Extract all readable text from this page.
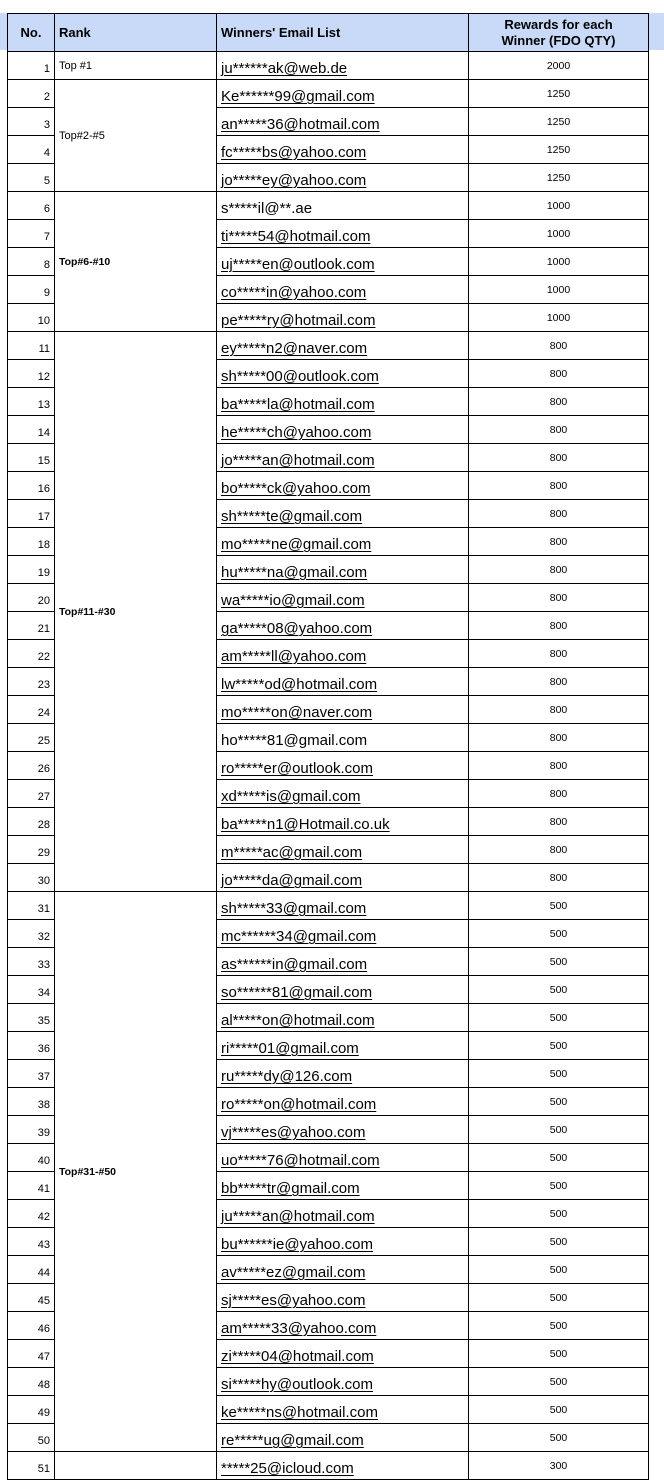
No.	Rank	Winners' Email List	Rewards for each
Winner (FDO QTY)

1	Top #1	ju******ak@web.de	2000
2	Top#2-#5	Ke******99@gmail.com	1250
3		an*****36@hotmail.com	1250
4		fc*****bs@yahoo.com	1250
5		jo*****ey@yahoo.com	1250
6	Top#6-#10	s*****il@**.ae	1000
7		ti*****54@hotmail.com	1000
8		uj*****en@outlook.com	1000
9		co*****in@yahoo.com	1000
10		pe*****ry@hotmail.com	1000
11	Top#11-#30	ey*****n2@naver.com	800
12		sh*****00@outlook.com	800
13		ba*****la@hotmail.com	800
14		he*****ch@yahoo.com	800
15		jo*****an@hotmail.com	800
16		bo*****ck@yahoo.com	800
17		sh*****te@gmail.com	800
18		mo*****ne@gmail.com	800
19		hu*****na@gmail.com	800
20		wa*****io@gmail.com	800
21		ga*****08@yahoo.com	800
22		am*****ll@yahoo.com	800
23		lw*****od@hotmail.com	800
24		mo*****on@naver.com	800
25		ho*****81@gmail.com	800
26		ro*****er@outlook.com	800
27		xd*****is@gmail.com	800
28		ba*****n1@Hotmail.co.uk	800
29		m*****ac@gmail.com	800
30		jo*****da@gmail.com	800
31	Top#31-#50	sh*****33@gmail.com	500
32		mc******34@gmail.com	500
33		as******in@gmail.com	500
34		so******81@gmail.com	500
35		al*****on@hotmail.com	500
36		ri*****01@gmail.com	500
37		ru*****dy@126.com	500
38		ro*****on@hotmail.com	500
39		vj*****es@yahoo.com	500
40		uo*****76@hotmail.com	500
41		bb*****tr@gmail.com	500
42		ju*****an@hotmail.com	500
43		bu******ie@yahoo.com	500
44		av*****ez@gmail.com	500
45		sj*****es@yahoo.com	500
46		am*****33@yahoo.com	500
47		zi*****04@hotmail.com	500
48		si*****hy@outlook.com	500
49		ke*****ns@hotmail.com	500
50		re*****ug@gmail.com	500
51		*****25@icloud.com	300
